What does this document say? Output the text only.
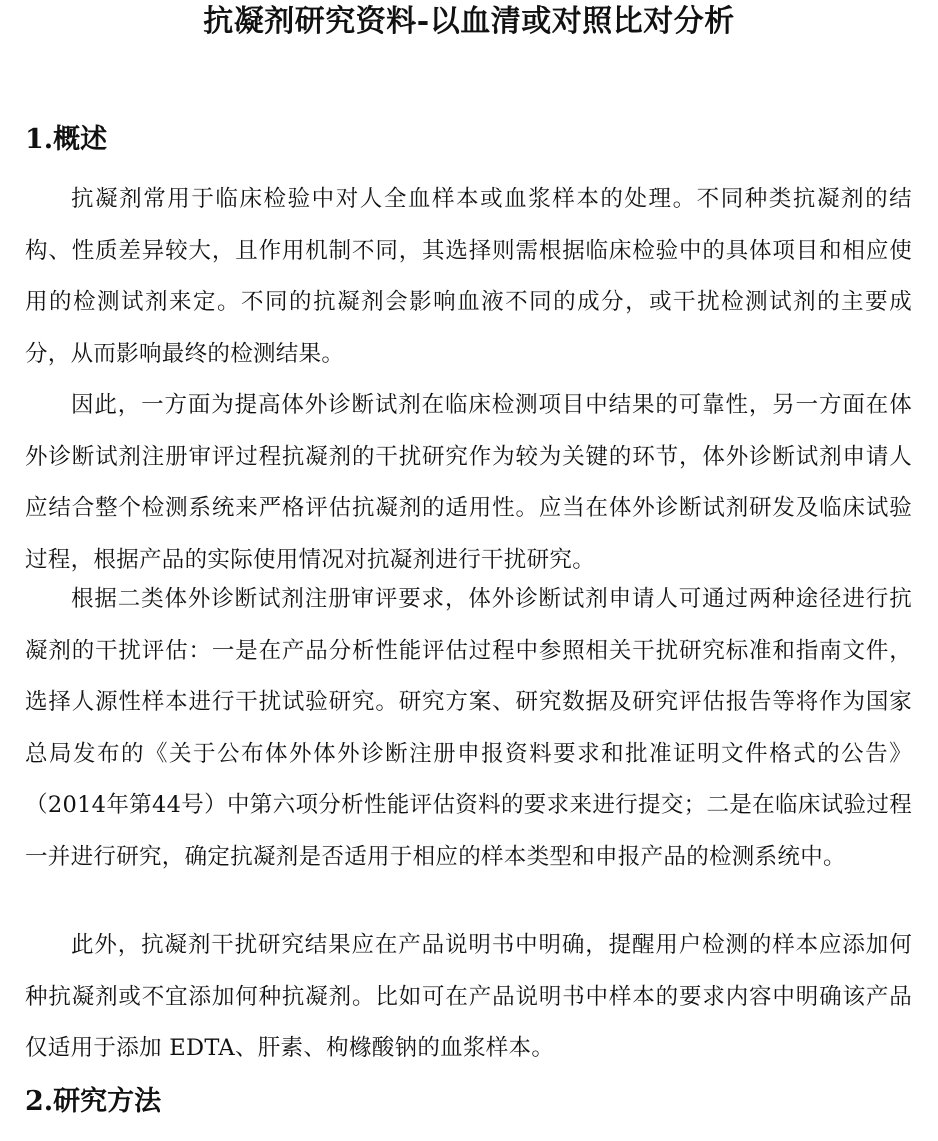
抗凝剂研究资料-以血清或对照比对分析
1.概述

抗凝剂常用于临床检验中对人全血样本或血浆样本的处理。不同种类抗凝剂的结构、性质差异较大，且作用机制不同，其选择则需根据临床检验中的具体项目和相应使用的检测试剂来定。不同的抗凝剂会影响血液不同的成分，或干扰检测试剂的主要成分，从而影响最终的检测结果。

因此，一方面为提高体外诊断试剂在临床检测项目中结果的可靠性，另一方面在体外诊断试剂注册审评过程抗凝剂的干扰研究作为较为关键的环节，体外诊断试剂申请人应结合整个检测系统来严格评估抗凝剂的适用性。应当在体外诊断试剂研发及临床试验过程，根据产品的实际使用情况对抗凝剂进行干扰研究。

根据二类体外诊断试剂注册审评要求，体外诊断试剂申请人可通过两种途径进行抗凝剂的干扰评估：一是在产品分析性能评估过程中参照相关干扰研究标准和指南文件，选择人源性样本进行干扰试验研究。研究方案、研究数据及研究评估报告等将作为国家总局发布的《关于公布体外体外诊断注册申报资料要求和批准证明文件格式的公告》（2014年第44号）中第六项分析性能评估资料的要求来进行提交；二是在临床试验过程一并进行研究，确定抗凝剂是否适用于相应的样本类型和申报产品的检测系统中。

此外，抗凝剂干扰研究结果应在产品说明书中明确，提醒用户检测的样本应添加何种抗凝剂或不宜添加何种抗凝剂。比如可在产品说明书中样本的要求内容中明确该产品仅适用于添加 EDTA、肝素、枸橼酸钠的血浆样本。

2.研究方法
